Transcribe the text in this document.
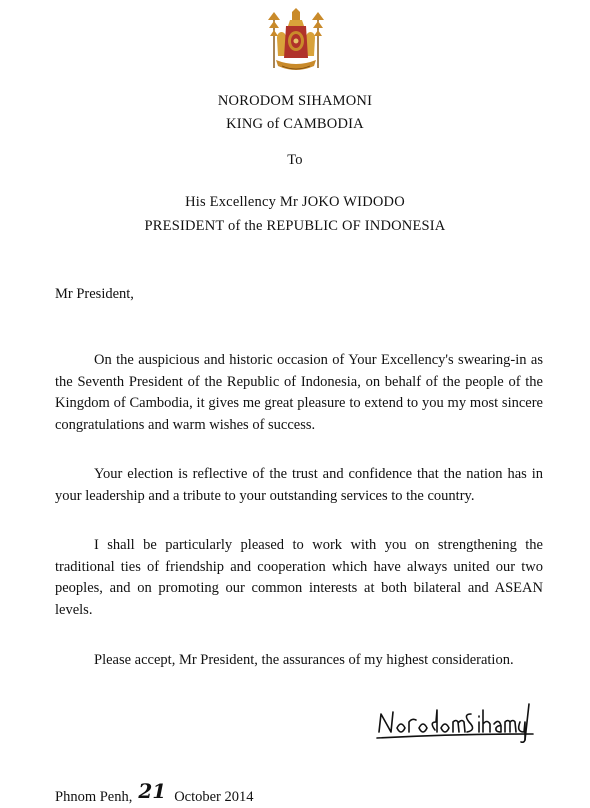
NORODOM SIHAMONI
KING of CAMBODIA
To
His Excellency Mr JOKO WIDODO
PRESIDENT of the REPUBLIC OF INDONESIA
Mr President,

On the auspicious and historic occasion of Your Excellency's swearing-in as the Seventh President of the Republic of Indonesia, on behalf of the people of the Kingdom of Cambodia, it gives me great pleasure to extend to you my most sincere congratulations and warm wishes of success.

Your election is reflective of the trust and confidence that the nation has in your leadership and a tribute to your outstanding services to the country.

I shall be particularly pleased to work with you on strengthening the traditional ties of friendship and cooperation which have always united our two peoples, and on promoting our common interests at both bilateral and ASEAN levels.

Please accept, Mr President, the assurances of my highest consideration.

Phnom Penh, 21 October 2014
